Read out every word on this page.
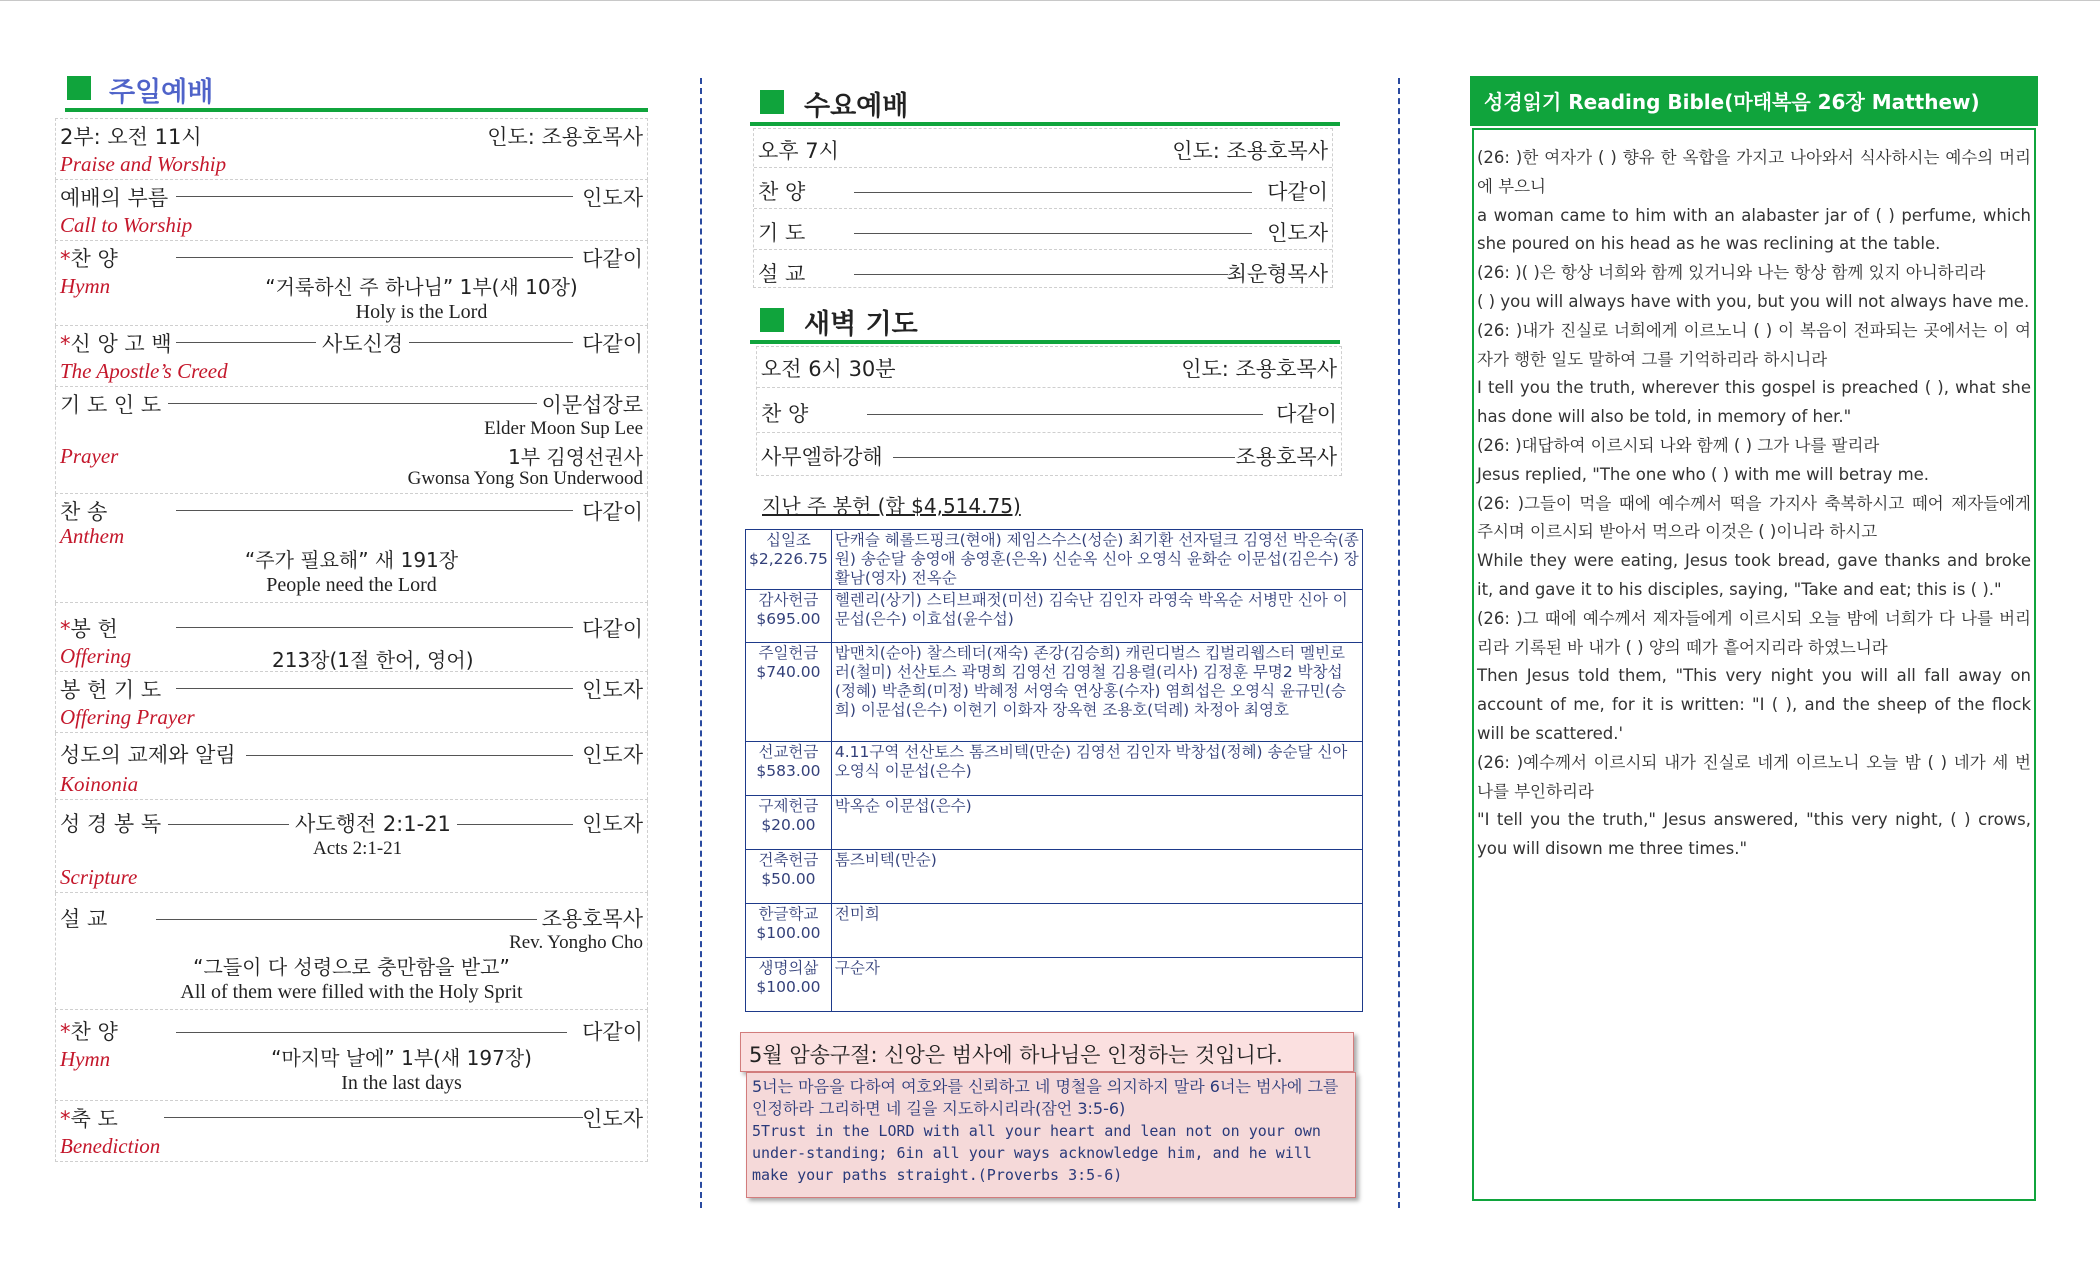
주일예배
2부: 오전 11시	인도: 조용호목사
Praise and Worship
예배의 부름	인도자
Call to Worship
*찬 양	다같이
Hymn	“거룩하신 주 하나님” 1부(새 10장)
Holy is the Lord
*신 앙 고 백	사도신경	다같이
The Apostle’s Creed
기 도 인 도	이문섭장로
Elder Moon Sup Lee
Prayer	1부 김영선권사
Gwonsa Yong Son Underwood
찬 송	다같이
Anthem
“주가 필요해” 새 191장
People need the Lord
*봉 헌	다같이
Offering	213장(1절 한어, 영어)
봉 헌 기 도	인도자
Offering Prayer
성도의 교제와 알림	인도자
Koinonia
성 경 봉 독	사도행전 2:1-21	인도자
Acts 2:1-21
Scripture
설 교	조용호목사
Rev. Yongho Cho
“그들이 다 성령으로 충만함을 받고”
All of them were filled with the Holy Sprit
*찬 양	다같이
Hymn	“마지막 날에” 1부(새 197장)
In the last days
*축 도	인도자
Benediction
수요예배
오후 7시	인도: 조용호목사
찬 양	다같이
기 도	인도자
설 교	최운형목사
새벽 기도
오전 6시 30분	인도: 조용호목사
찬 양	다같이
사무엘하강해	조용호목사
지난 주 봉헌 (합 $4,514.75)
십일조
$2,226.75	단캐슬 헤롤드핑크(현애) 제임스수스(성순) 최기환 선자덜크 김영선 박은숙(종원) 송순달 송영애 송영훈(은옥) 신순옥 신아 오영식 윤화순 이문섭(김은수) 장활남(영자) 전옥순

감사헌금
$695.00	헬렌리(상기) 스티브패젓(미선) 김숙난 김인자 라영숙 박옥순 서병만 신아 이문섭(은수) 이효섭(윤수섭)

주일헌금
$740.00	밥맨치(순아) 찰스테더(재숙) 존강(김승희) 캐린디벌스 킵벌리웹스터 멜빈로러(철미) 선산토스 곽명희 김영선 김영철 김용렬(리사) 김정훈 무명2 박창섭(정혜) 박춘희(미정) 박혜정 서영숙 연상홍(수자) 염희섭은 오영식 윤규민(승희) 이문섭(은수) 이현기 이화자 장옥현 조용호(덕례) 차정아 최영호

선교헌금
$583.00	4.11구역 선산토스 톰즈비텍(만순) 김영선 김인자 박창섭(정혜) 송순달 신아 오영식 이문섭(은수)

구제헌금
$20.00	박옥순 이문섭(은수)

건축헌금
$50.00	톰즈비텍(만순)

한글학교
$100.00	전미희

생명의삶
$100.00	구순자
5월 암송구절: 신앙은 범사에 하나님은 인정하는 것입니다.
5너는 마음을 다하여 여호와를 신뢰하고 네 명철을 의지하지 말라 6너는 범사에 그를 인정하라 그리하면 네 길을 지도하시리라(잠언 3:5-6)
5Trust in the LORD with all your heart and lean not on your own under-standing; 6in all your ways acknowledge him, and he will make your paths straight.(Proverbs 3:5-6)
성경읽기 Reading Bible(마태복음 26장 Matthew)

(26: )한 여자가 ( ) 향유 한 옥합을 가지고 나아와서 식사하시는 예수의 머리에 부으니

a woman came to him with an alabaster jar of ( ) perfume, which she poured on his head as he was reclining at the table.

(26: )( )은 항상 너희와 함께 있거니와 나는 항상 함께 있지 아니하리라

( ) you will always have with you, but you will not always have me.

(26: )내가 진실로 너희에게 이르노니 ( ) 이 복음이 전파되는 곳에서는 이 여자가 행한 일도 말하여 그를 기억하리라 하시니라

I tell you the truth, wherever this gospel is preached ( ), what she has done will also be told, in memory of her."

(26: )대답하여 이르시되 나와 함께 ( ) 그가 나를 팔리라

Jesus replied, "The one who ( ) with me will betray me.

(26: )그들이 먹을 때에 예수께서 떡을 가지사 축복하시고 떼어 제자들에게 주시며 이르시되 받아서 먹으라 이것은 ( )이니라 하시고

While they were eating, Jesus took bread, gave thanks and broke it, and gave it to his disciples, saying, "Take and eat; this is ( )."

(26: )그 때에 예수께서 제자들에게 이르시되 오늘 밤에 너희가 다 나를 버리리라 기록된 바 내가 ( ) 양의 떼가 흩어지리라 하였느니라

Then Jesus told them, "This very night you will all fall away on account of me, for it is written: "I ( ), and the sheep of the flock will be scattered.'

(26: )예수께서 이르시되 내가 진실로 네게 이르노니 오늘 밤 ( ) 네가 세 번 나를 부인하리라

"I tell you the truth," Jesus answered, "this very night, ( ) crows, you will disown me three times."
